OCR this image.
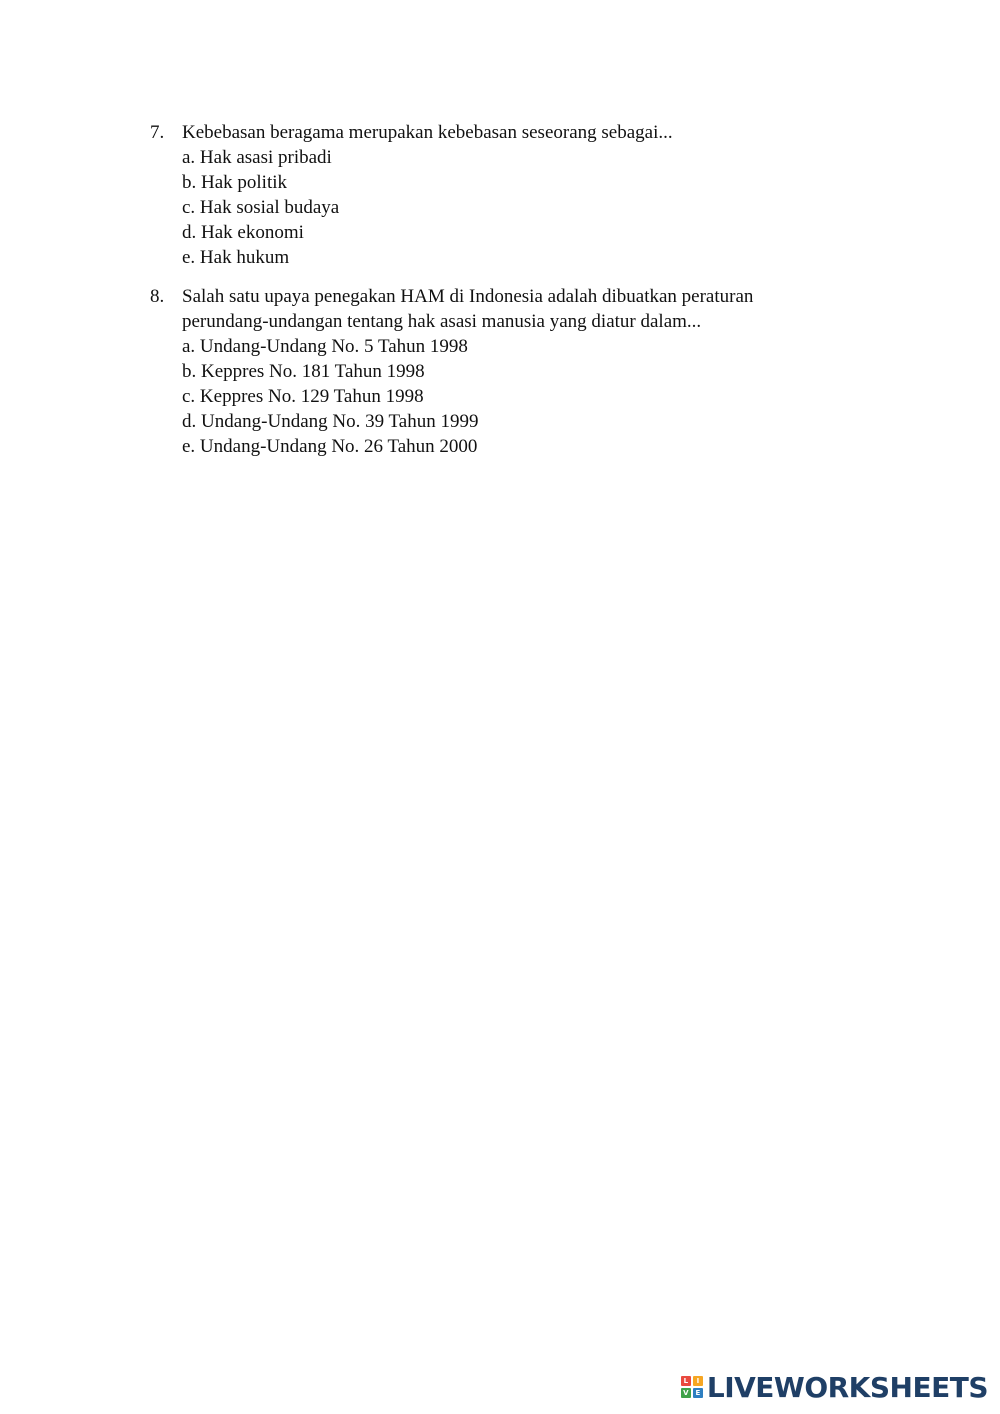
7. Kebebasan beragama merupakan kebebasan seseorang sebagai...
a. Hak asasi pribadi
b. Hak politik
c. Hak sosial budaya
d. Hak ekonomi
e. Hak hukum
8. Salah satu upaya penegakan HAM di Indonesia adalah dibuatkan peraturan
perundang-undangan tentang hak asasi manusia yang diatur dalam...
a. Undang-Undang No. 5 Tahun 1998
b. Keppres No. 181 Tahun 1998
c. Keppres No. 129 Tahun 1998
d. Undang-Undang No. 39 Tahun 1999
e. Undang-Undang No. 26 Tahun 2000
L	I
V E LIVEWORKSHEETS
